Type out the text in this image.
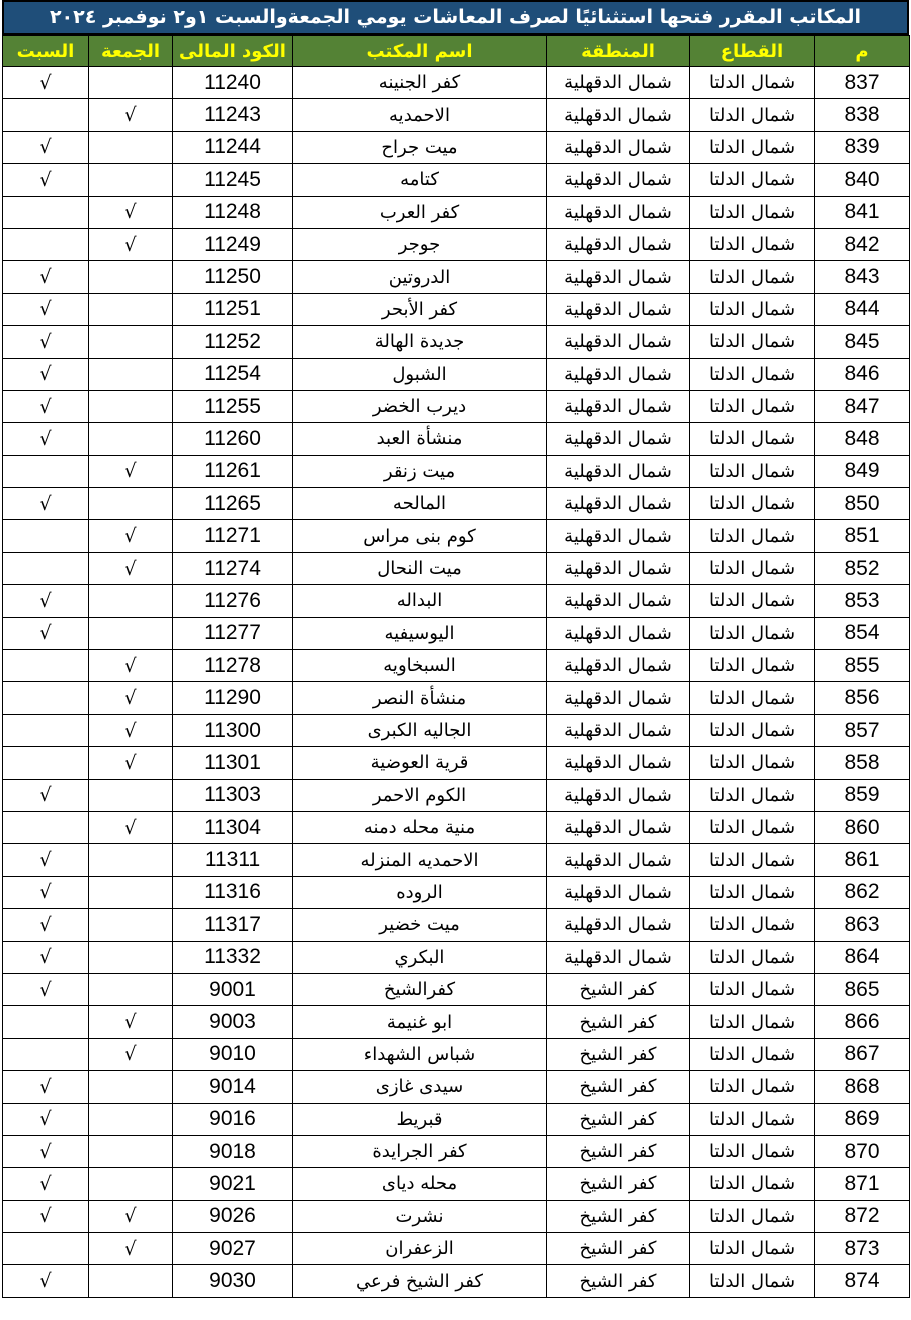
المكاتب المقرر فتحها استثنائيًا لصرف المعاشات يومي الجمعةوالسبت ١و٢ نوفمبر ٢٠٢٤
السبت	الجمعة	الكود المالى	اسم المكتب	المنطقة	القطاع	م
√		11240	كفر الجنينه	شمال الدقهلية	شمال الدلتا	837
	√	11243	الاحمديه	شمال الدقهلية	شمال الدلتا	838
√		11244	ميت جراح	شمال الدقهلية	شمال الدلتا	839
√		11245	كتامه	شمال الدقهلية	شمال الدلتا	840
	√	11248	كفر العرب	شمال الدقهلية	شمال الدلتا	841
	√	11249	جوجر	شمال الدقهلية	شمال الدلتا	842
√		11250	الدروتين	شمال الدقهلية	شمال الدلتا	843
√		11251	كفر الأبحر	شمال الدقهلية	شمال الدلتا	844
√		11252	جديدة الهالة	شمال الدقهلية	شمال الدلتا	845
√		11254	الشبول	شمال الدقهلية	شمال الدلتا	846
√		11255	ديرب الخضر	شمال الدقهلية	شمال الدلتا	847
√		11260	منشأة العبد	شمال الدقهلية	شمال الدلتا	848
	√	11261	ميت زنقر	شمال الدقهلية	شمال الدلتا	849
√		11265	المالحه	شمال الدقهلية	شمال الدلتا	850
	√	11271	كوم بنى مراس	شمال الدقهلية	شمال الدلتا	851
	√	11274	ميت النحال	شمال الدقهلية	شمال الدلتا	852
√		11276	البداله	شمال الدقهلية	شمال الدلتا	853
√		11277	اليوسيفيه	شمال الدقهلية	شمال الدلتا	854
	√	11278	السبخاويه	شمال الدقهلية	شمال الدلتا	855
	√	11290	منشأة النصر	شمال الدقهلية	شمال الدلتا	856
	√	11300	الجاليه الكبرى	شمال الدقهلية	شمال الدلتا	857
	√	11301	قرية العوضية	شمال الدقهلية	شمال الدلتا	858
√		11303	الكوم الاحمر	شمال الدقهلية	شمال الدلتا	859
	√	11304	منية محله دمنه	شمال الدقهلية	شمال الدلتا	860
√		11311	الاحمديه المنزله	شمال الدقهلية	شمال الدلتا	861
√		11316	الروده	شمال الدقهلية	شمال الدلتا	862
√		11317	ميت خضير	شمال الدقهلية	شمال الدلتا	863
√		11332	البكري	شمال الدقهلية	شمال الدلتا	864
√		9001	كفرالشيخ	كفر الشيخ	شمال الدلتا	865
	√	9003	ابو غنيمة	كفر الشيخ	شمال الدلتا	866
	√	9010	شباس الشهداء	كفر الشيخ	شمال الدلتا	867
√		9014	سيدى غازى	كفر الشيخ	شمال الدلتا	868
√		9016	قبريط	كفر الشيخ	شمال الدلتا	869
√		9018	كفر الجرايدة	كفر الشيخ	شمال الدلتا	870
√		9021	محله دياى	كفر الشيخ	شمال الدلتا	871
√	√	9026	نشرت	كفر الشيخ	شمال الدلتا	872
	√	9027	الزعفران	كفر الشيخ	شمال الدلتا	873
√		9030	كفر الشيخ فرعي	كفر الشيخ	شمال الدلتا	874
